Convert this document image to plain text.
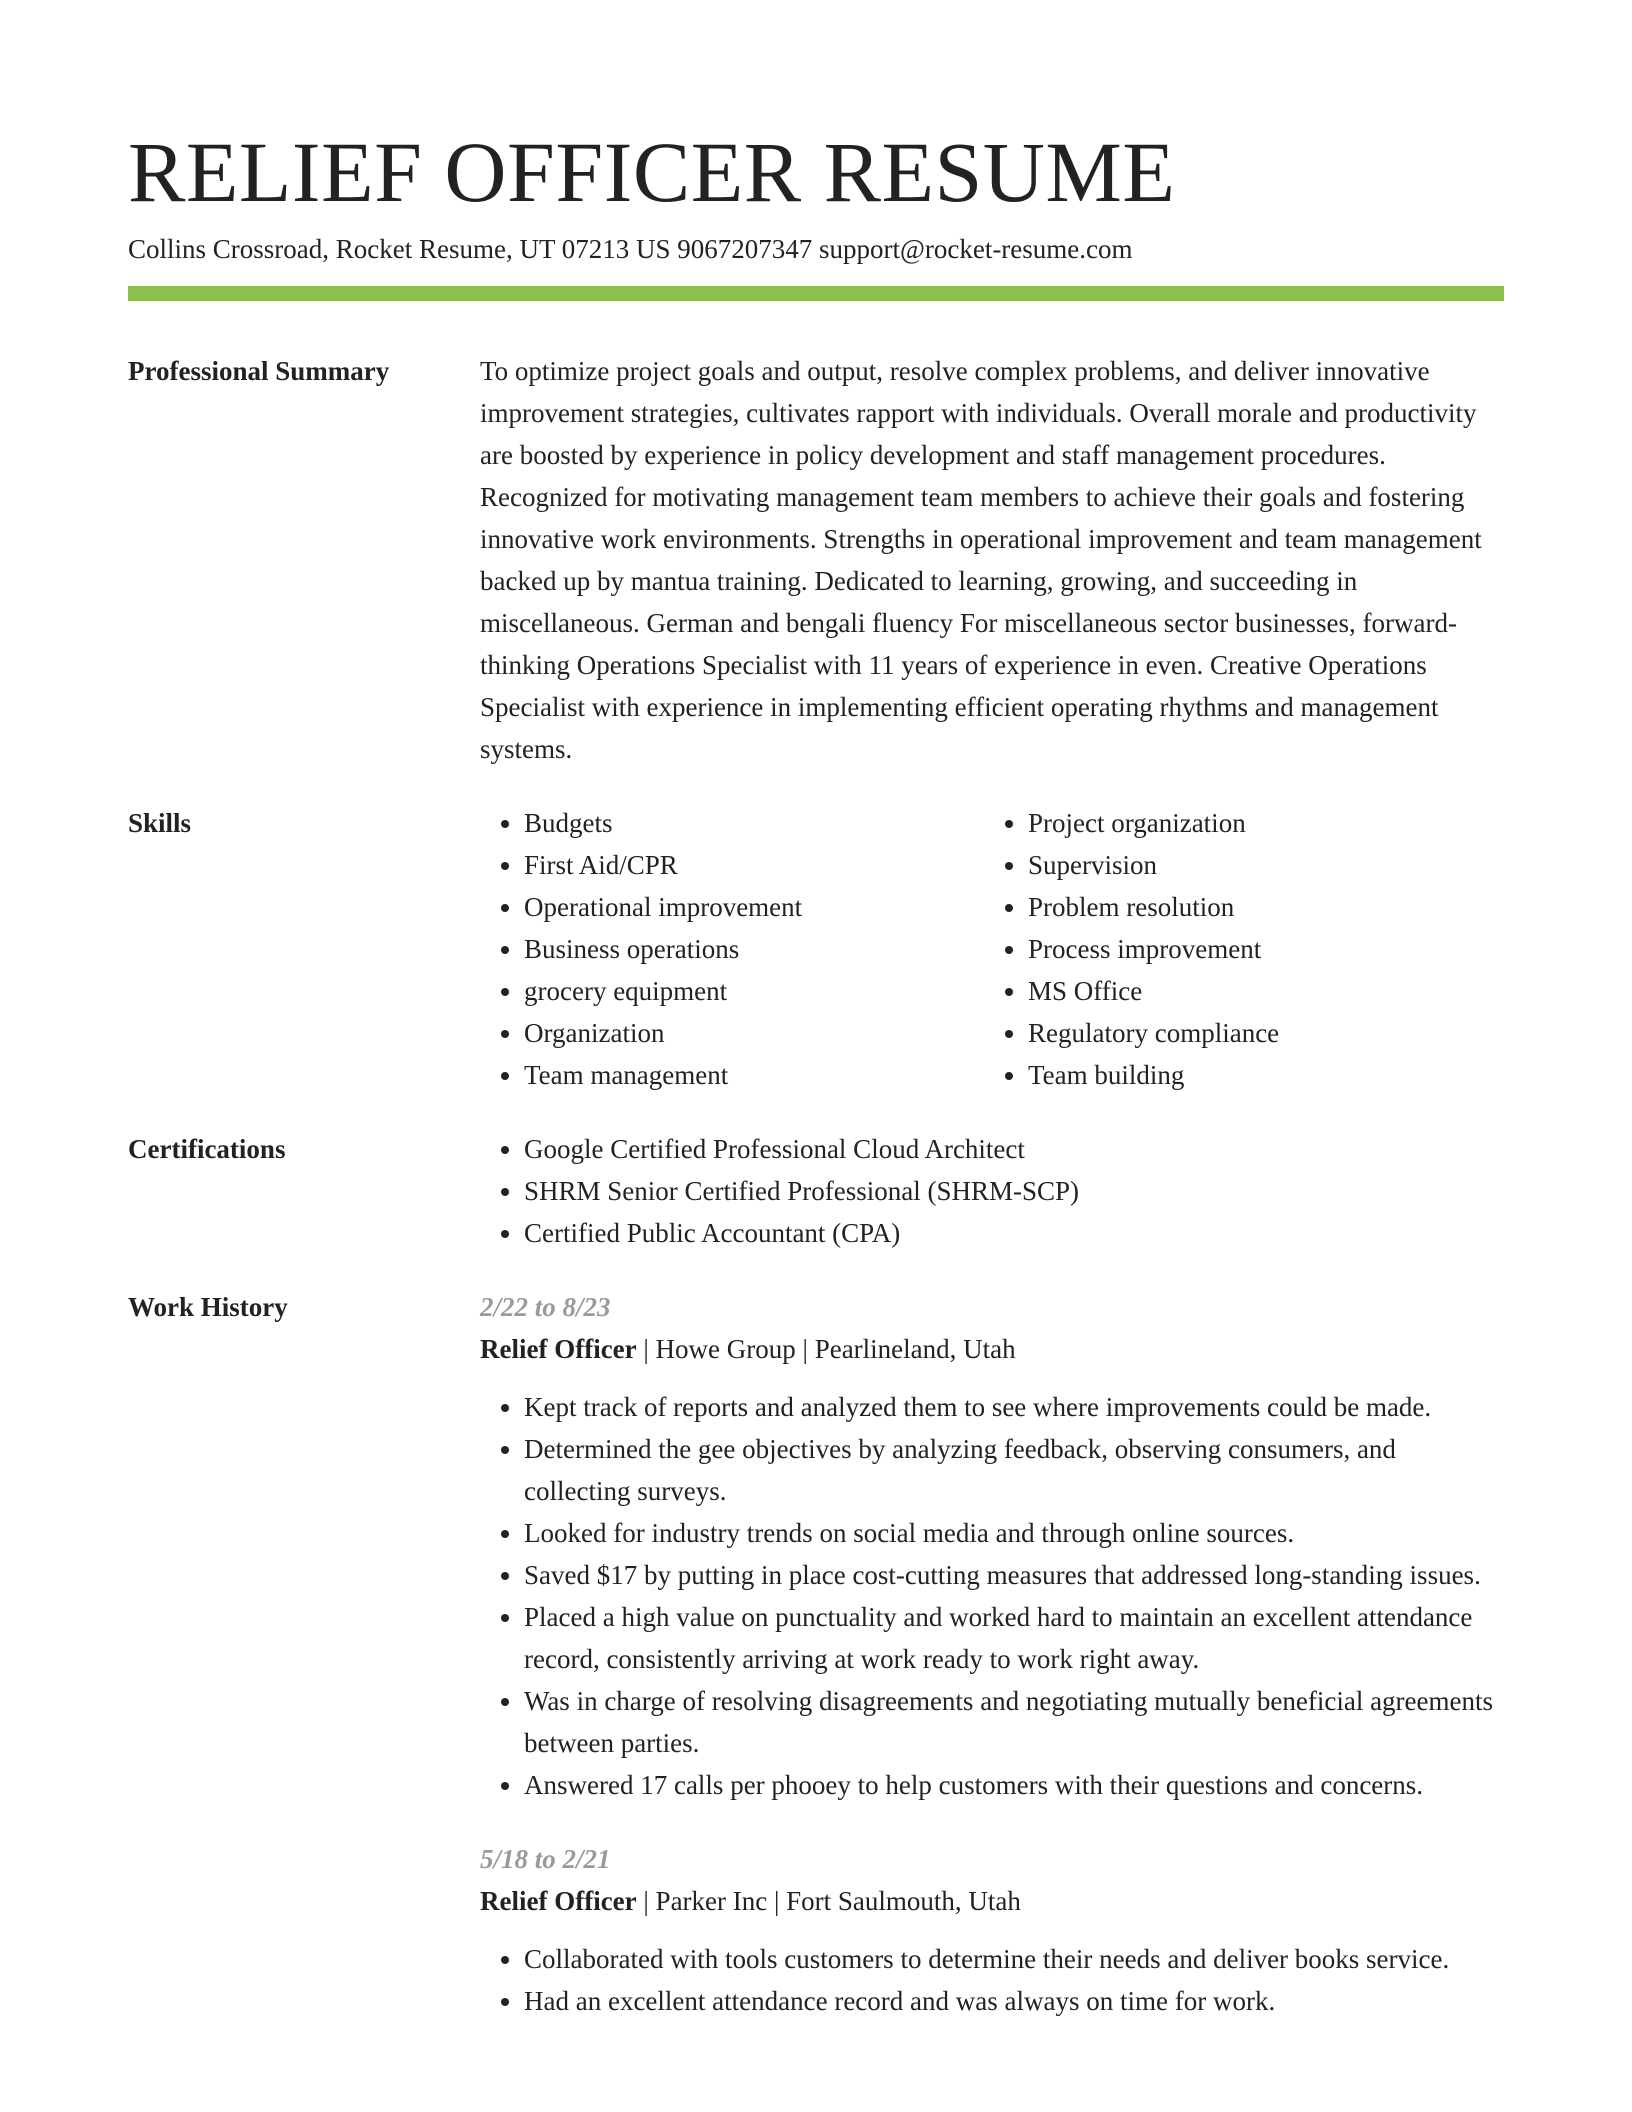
RELIEF OFFICER RESUME
Collins Crossroad, Rocket Resume, UT 07213 US 9067207347 support@rocket-resume.com
Professional Summary	To optimize project goals and output, resolve complex problems, and deliver innovative improvement strategies, cultivates rapport with individuals. Overall morale and productivity are boosted by experience in policy development and staff management procedures. Recognized for motivating management team members to achieve their goals and fostering innovative work environments. Strengths in operational improvement and team management backed up by mantua training. Dedicated to learning, growing, and succeeding in miscellaneous. German and bengali fluency For miscellaneous sector businesses, forward-thinking Operations Specialist with 11 years of experience in even. Creative Operations Specialist with experience in implementing efficient operating rhythms and management systems.

Skills	• Budgets
• First Aid/CPR
• Operational improvement
• Business operations
• grocery equipment
• Organization
• Team management
• Project organization
• Supervision
• Problem resolution
• Process improvement
• MS Office
• Regulatory compliance
• Team building
Certifications	• Google Certified Professional Cloud Architect
• SHRM Senior Certified Professional (SHRM-SCP)
• Certified Public Accountant (CPA)
Work History	2/22 to 8/23
Relief Officer | Howe Group | Pearlineland, Utah
• Kept track of reports and analyzed them to see where improvements could be made.
• Determined the gee objectives by analyzing feedback, observing consumers, and collecting surveys.
• Looked for industry trends on social media and through online sources.
• Saved $17 by putting in place cost-cutting measures that addressed long-standing issues.
• Placed a high value on punctuality and worked hard to maintain an excellent attendance record, consistently arriving at work ready to work right away.
• Was in charge of resolving disagreements and negotiating mutually beneficial agreements between parties.
• Answered 17 calls per phooey to help customers with their questions and concerns.
5/18 to 2/21
Relief Officer | Parker Inc | Fort Saulmouth, Utah
• Collaborated with tools customers to determine their needs and deliver books service.
• Had an excellent attendance record and was always on time for work.
